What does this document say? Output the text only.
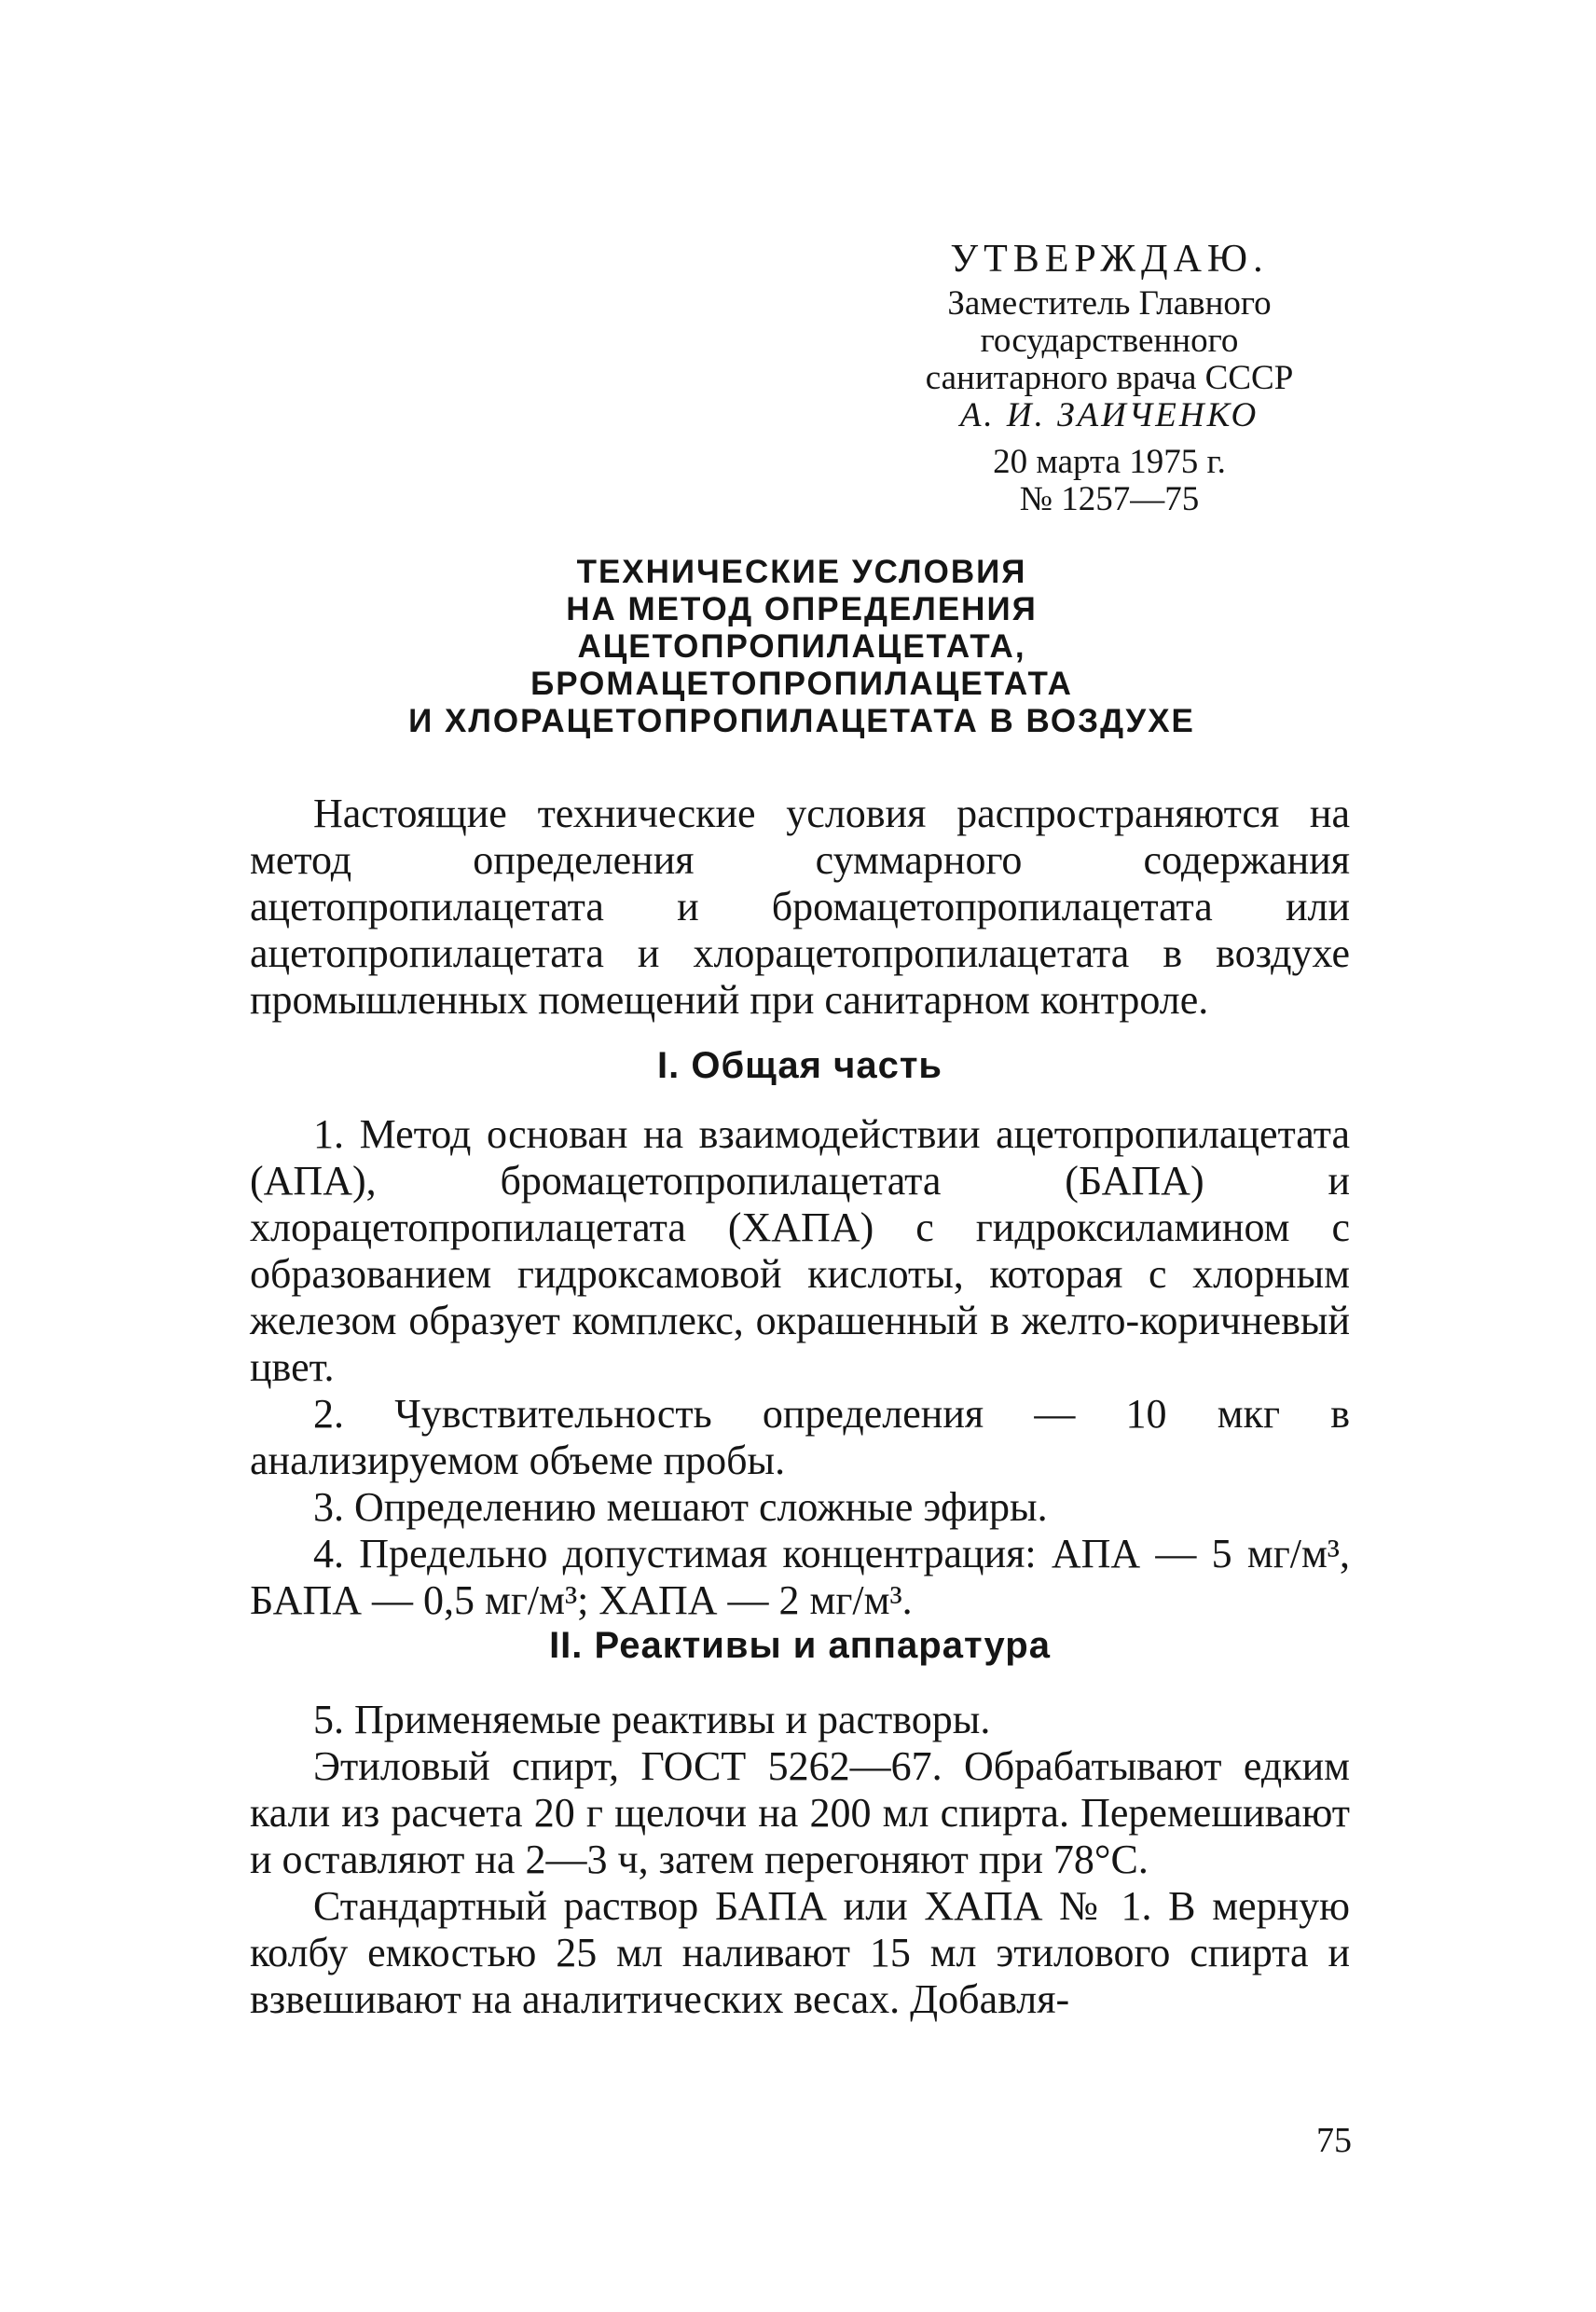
УТВЕРЖДАЮ.
Заместитель Главного
государственного
санитарного врача СССР
А. И. ЗАИЧЕНКО
20 марта 1975 г.
№ 1257—75
ТЕХНИЧЕСКИЕ УСЛОВИЯ
НА МЕТОД ОПРЕДЕЛЕНИЯ
АЦЕТОПРОПИЛАЦЕТАТА,
БРОМАЦЕТОПРОПИЛАЦЕТАТА
И ХЛОРАЦЕТОПРОПИЛАЦЕТАТА В ВОЗДУХЕ

Настоящие технические условия распространяются на метод определения суммарного содержания ацетопропилацетата и бромацетопропилацетата или ацетопропилацетата и хлорацетопропилацетата в воздухе промышленных помещений при санитарном контроле.

I. Общая часть

1. Метод основан на взаимодействии ацетопропилацетата (АПА), бромацетопропилацетата (БАПА) и хлорацетопропилацетата (ХАПА) с гидроксиламином с образованием гидроксамовой кислоты, которая с хлорным железом образует комплекс, окрашенный в желто-коричневый цвет.

2. Чувствительность определения — 10 мкг в анализируемом объеме пробы.

3. Определению мешают сложные эфиры.

4. Предельно допустимая концентрация: АПА — 5 мг/м³, БАПА — 0,5 мг/м³; ХАПА — 2 мг/м³.

II. Реактивы и аппаратура

5. Применяемые реактивы и растворы.

Этиловый спирт, ГОСТ 5262—67. Обрабатывают едким кали из расчета 20 г щелочи на 200 мл спирта. Перемешивают и оставляют на 2—3 ч, затем перегоняют при 78°С.

Стандартный раствор БАПА или ХАПА № 1. В мерную колбу емкостью 25 мл наливают 15 мл этилового спирта и взвешивают на аналитических весах. Добавля-

75
